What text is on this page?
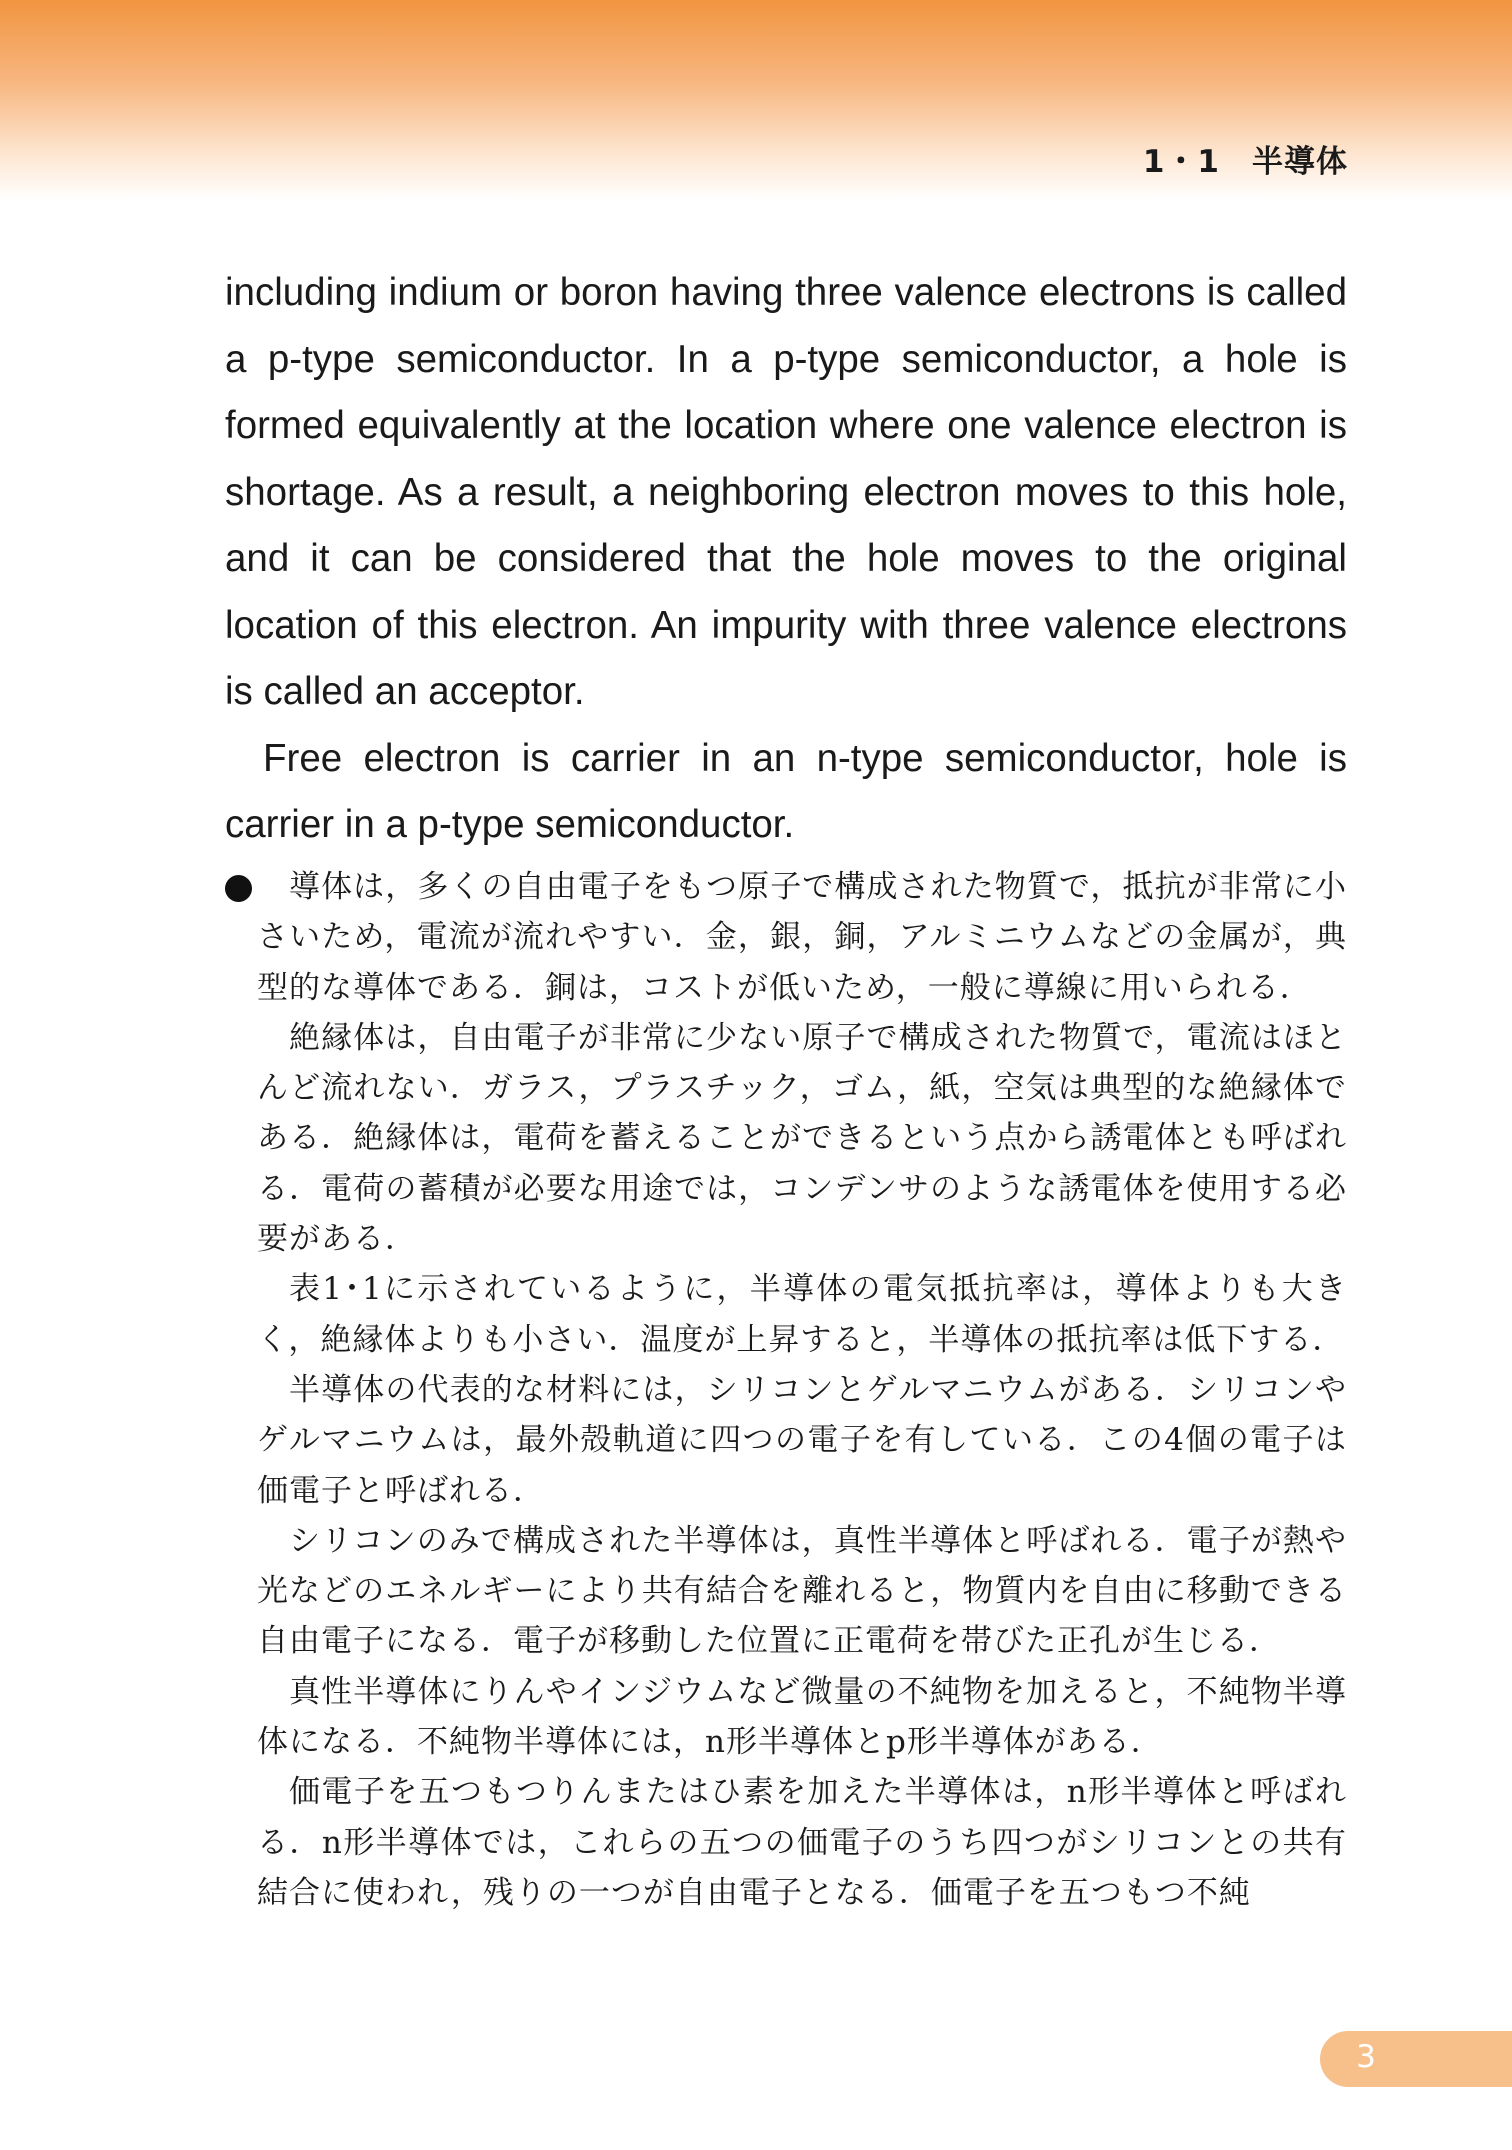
1・1　半導体

including indium or boron having three valence electrons is called a p-type semiconductor. In a p-type semiconductor, a hole is formed equivalently at the location where one valence electron is shortage. As a result, a neighboring electron moves to this hole, and it can be considered that the hole moves to the original location of this electron. An impurity with three valence electrons is called an acceptor.

Free electron is carrier in an n-type semiconductor, hole is carrier in a p-type semiconductor.

導体は，多くの自由電子をもつ原子で構成された物質で，抵抗が非常に小さいため，電流が流れやすい．金，銀，銅，アルミニウムなどの金属が，典型的な導体である．銅は，コストが低いため，一般に導線に用いられる．

絶縁体は，自由電子が非常に少ない原子で構成された物質で，電流はほとんど流れない．ガラス，プラスチック，ゴム，紙，空気は典型的な絶縁体である．絶縁体は，電荷を蓄えることができるという点から誘電体とも呼ばれる．電荷の蓄積が必要な用途では，コンデンサのような誘電体を使用する必要がある．

表1･1に示されているように，半導体の電気抵抗率は，導体よりも大きく，絶縁体よりも小さい．温度が上昇すると，半導体の抵抗率は低下する．

半導体の代表的な材料には，シリコンとゲルマニウムがある．シリコンやゲルマニウムは，最外殻軌道に四つの電子を有している．この4個の電子は価電子と呼ばれる．

シリコンのみで構成された半導体は，真性半導体と呼ばれる．電子が熱や光などのエネルギーにより共有結合を離れると，物質内を自由に移動できる自由電子になる．電子が移動した位置に正電荷を帯びた正孔が生じる．

真性半導体にりんやインジウムなど微量の不純物を加えると，不純物半導体になる．不純物半導体には，n形半導体とp形半導体がある．

価電子を五つもつりんまたはひ素を加えた半導体は，n形半導体と呼ばれる．n形半導体では，これらの五つの価電子のうち四つがシリコンとの共有結合に使われ，残りの一つが自由電子となる．価電子を五つもつ不純

3
